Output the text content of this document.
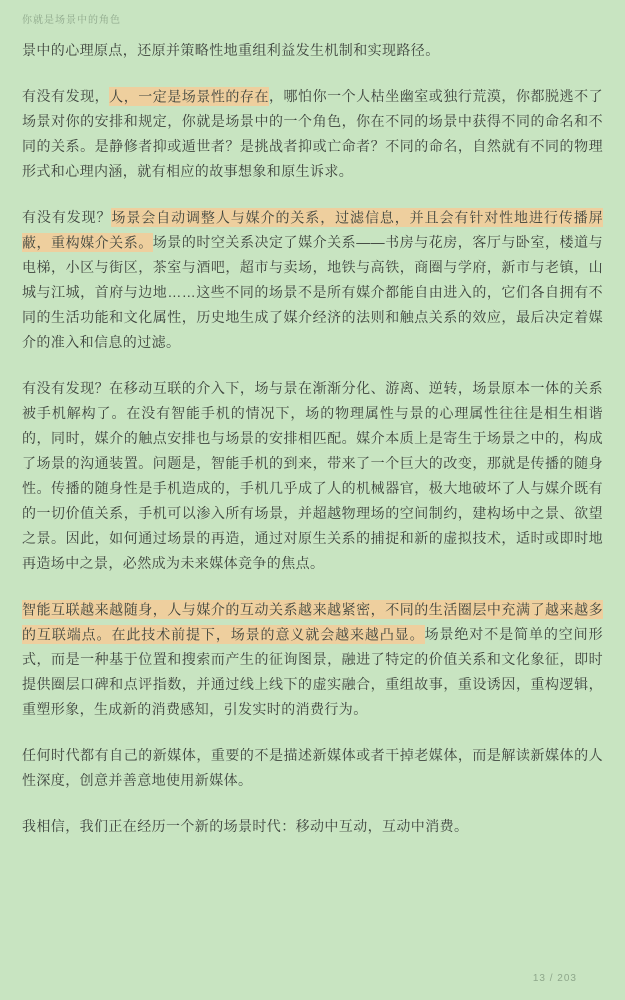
你就是场景中的角色

景中的心理原点，还原并策略性地重组利益发生机制和实现路径。

有没有发现，人，一定是场景性的存在，哪怕你一个人枯坐幽室或独行荒漠，你都脱逃不了场景对你的安排和规定，你就是场景中的一个角色，你在不同的场景中获得不同的命名和不同的关系。是静修者抑或遁世者？是挑战者抑或亡命者？不同的命名，自然就有不同的物理形式和心理内涵，就有相应的故事想象和原生诉求。

有没有发现？场景会自动调整人与媒介的关系，过滤信息，并且会有针对性地进行传播屏蔽，重构媒介关系。场景的时空关系决定了媒介关系——书房与花房，客厅与卧室，楼道与电梯，小区与街区，茶室与酒吧，超市与卖场，地铁与高铁，商圈与学府，新市与老镇，山城与江城，首府与边地……这些不同的场景不是所有媒介都能自由进入的，它们各自拥有不同的生活功能和文化属性，历史地生成了媒介经济的法则和触点关系的效应，最后决定着媒介的准入和信息的过滤。

有没有发现？在移动互联的介入下，场与景在渐渐分化、游离、逆转，场景原本一体的关系被手机解构了。在没有智能手机的情况下，场的物理属性与景的心理属性往往是相生相谐的，同时，媒介的触点安排也与场景的安排相匹配。媒介本质上是寄生于场景之中的，构成了场景的沟通装置。问题是，智能手机的到来，带来了一个巨大的改变，那就是传播的随身性。传播的随身性是手机造成的，手机几乎成了人的机械器官，极大地破坏了人与媒介既有的一切价值关系，手机可以渗入所有场景，并超越物理场的空间制约，建构场中之景、欲望之景。因此，如何通过场景的再造，通过对原生关系的捕捉和新的虚拟技术，适时或即时地再造场中之景，必然成为未来媒体竞争的焦点。

智能互联越来越随身，人与媒介的互动关系越来越紧密，不同的生活圈层中充满了越来越多的互联端点。在此技术前提下，场景的意义就会越来越凸显。场景绝对不是简单的空间形式，而是一种基于位置和搜索而产生的征询图景，融进了特定的价值关系和文化象征，即时提供圈层口碑和点评指数，并通过线上线下的虚实融合，重组故事，重设诱因，重构逻辑，重塑形象，生成新的消费感知，引发实时的消费行为。

任何时代都有自己的新媒体，重要的不是描述新媒体或者干掉老媒体，而是解读新媒体的人性深度，创意并善意地使用新媒体。

我相信，我们正在经历一个新的场景时代：移动中互动，互动中消费。

13 / 203
